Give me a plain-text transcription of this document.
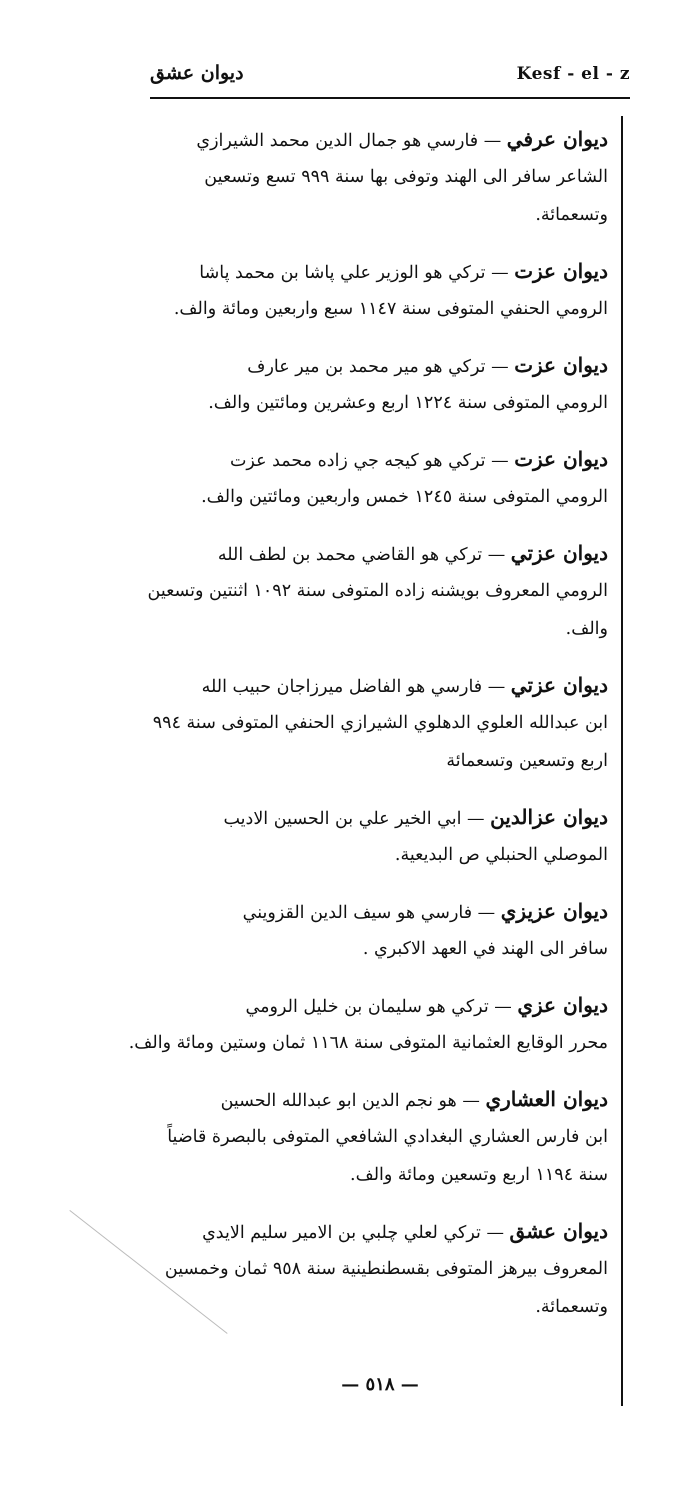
ديوان عشق	Kesf - el - z
ديوان عرفي — فارسي هو جمال الدين محمد الشيرازي
الشاعر سافر الى الهند وتوفى بها سنة ٩٩٩ تسع وتسعين
وتسعمائة.
ديوان عزت — تركي هو الوزير علي پاشا بن محمد پاشا
الرومي الحنفي المتوفى سنة ١١٤٧ سبع واربعين ومائة والف.
ديوان عزت — تركي هو مير محمد بن مير عارف
الرومي المتوفى سنة ١٢٢٤ اربع وعشرين ومائتين والف.
ديوان عزت — تركي هو كيجه جي زاده محمد عزت
الرومي المتوفى سنة ١٢٤٥ خمس واربعين ومائتين والف.
ديوان عزتي — تركي هو القاضي محمد بن لطف الله
الرومي المعروف بويشنه زاده المتوفى سنة ١٠٩٢ اثنتين وتسعين
والف.
ديوان عزتي — فارسي هو الفاضل ميرزاجان حبيب الله
ابن عبدالله العلوي الدهلوي الشيرازي الحنفي المتوفى سنة ٩٩٤
اربع وتسعين وتسعمائة
ديوان عزالدين — ابي الخير علي بن الحسين الاديب
الموصلي الحنبلي ص البديعية.
ديوان عزيزي — فارسي هو سيف الدين القزويني
سافر الى الهند في العهد الاكبري .
ديوان عزي — تركي هو سليمان بن خليل الرومي
محرر الوقايع العثمانية المتوفى سنة ١١٦٨ ثمان وستين ومائة والف.
ديوان العشاري — هو نجم الدين ابو عبدالله الحسين
ابن فارس العشاري البغدادي الشافعي المتوفى بالبصرة قاضياً
سنة ١١٩٤ اربع وتسعين ومائة والف.
ديوان عشق — تركي لعلي چلبي بن الامير سليم الايدي
المعروف بيرهز المتوفى بقسطنطينية سنة ٩٥٨ ثمان وخمسين
وتسعمائة.
— ٥١٨ —
